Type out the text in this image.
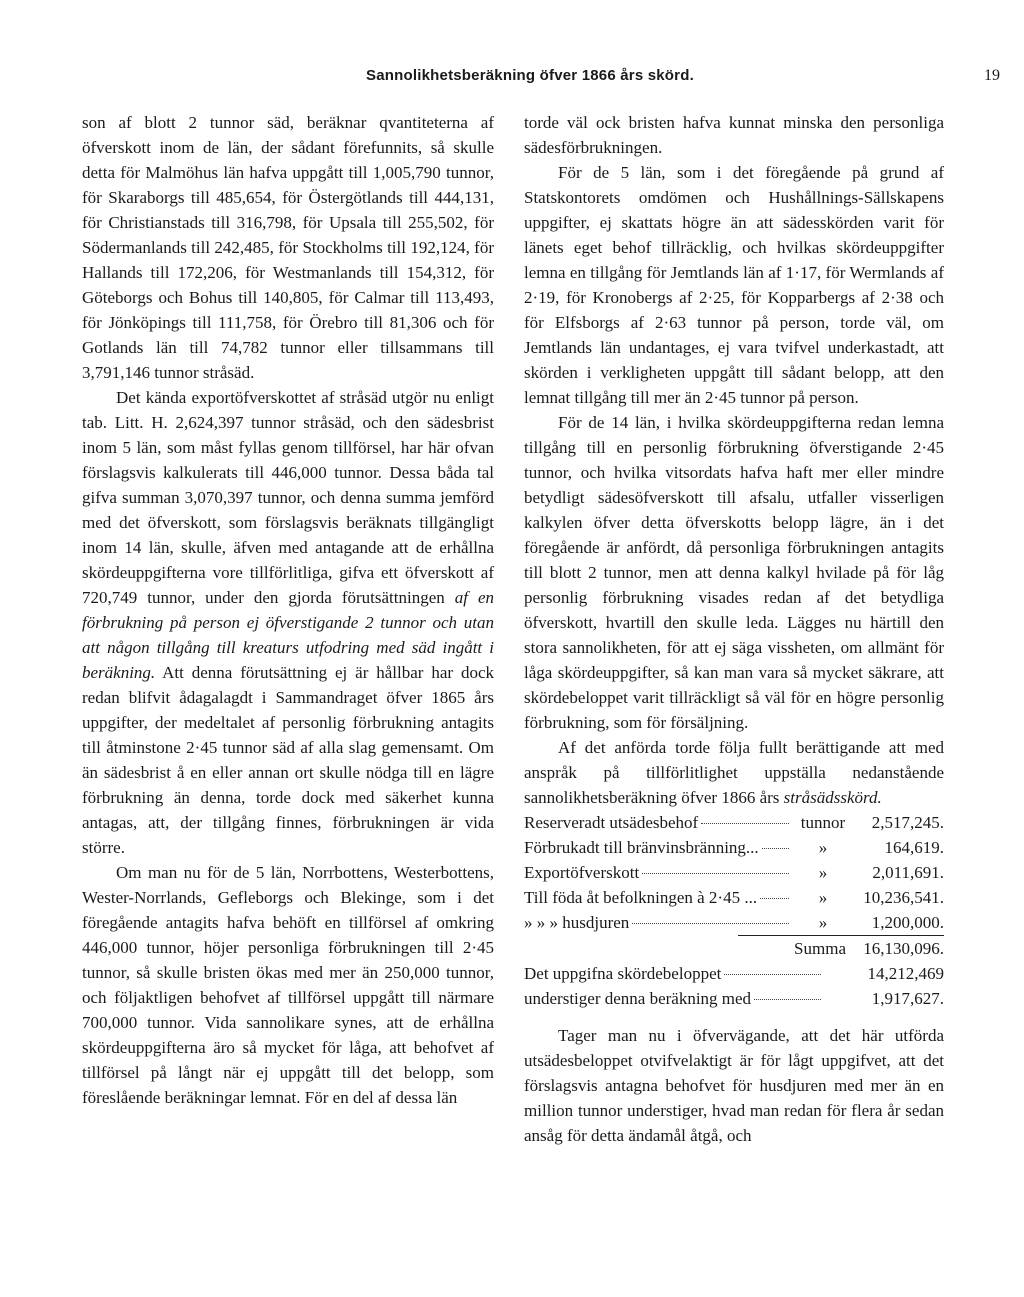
Sannolikhetsberäkning öfver 1866 års skörd.	19

son af blott 2 tunnor säd, beräknar qvantiteterna af öfverskott inom de län, der sådant förefunnits, så skulle detta för Malmöhus län hafva uppgått till 1,005,790 tunnor, för Skaraborgs till 485,654, för Östergötlands till 444,131, för Christianstads till 316,798, för Upsala till 255,502, för Södermanlands till 242,485, för Stockholms till 192,124, för Hallands till 172,206, för Westmanlands till 154,312, för Göteborgs och Bohus till 140,805, för Calmar till 113,493, för Jönköpings till 111,758, för Örebro till 81,306 och för Gotlands län till 74,782 tunnor eller tillsammans till 3,791,146 tunnor stråsäd.

Det kända exportöfverskottet af stråsäd utgör nu enligt tab. Litt. H. 2,624,397 tunnor stråsäd, och den sädesbrist inom 5 län, som måst fyllas genom tillförsel, har här ofvan förslagsvis kalkulerats till 446,000 tunnor. Dessa båda tal gifva summan 3,070,397 tunnor, och denna summa jemförd med det öfverskott, som förslagsvis beräknats tillgängligt inom 14 län, skulle, äfven med antagande att de erhållna skördeuppgifterna vore tillförlitliga, gifva ett öfverskott af 720,749 tunnor, under den gjorda förutsättningen af en förbrukning på person ej öfverstigande 2 tunnor och utan att någon tillgång till kreaturs utfodring med säd ingått i beräkning. Att denna förutsättning ej är hållbar har dock redan blifvit ådagalagdt i Sammandraget öfver 1865 års uppgifter, der medeltalet af personlig förbrukning antagits till åtminstone 2·45 tunnor säd af alla slag gemensamt. Om än sädesbrist å en eller annan ort skulle nödga till en lägre förbrukning än denna, torde dock med säkerhet kunna antagas, att, der tillgång finnes, förbrukningen är vida större.

Om man nu för de 5 län, Norrbottens, Westerbottens, Wester-Norrlands, Gefleborgs och Blekinge, som i det föregående antagits hafva behöft en tillförsel af omkring 446,000 tunnor, höjer personliga förbrukningen till 2·45 tunnor, så skulle bristen ökas med mer än 250,000 tunnor, och följaktligen behofvet af tillförsel uppgått till närmare 700,000 tunnor. Vida sannolikare synes, att de erhållna skördeuppgifterna äro så mycket för låga, att behofvet af tillförsel på långt när ej uppgått till det belopp, som föreslående beräkningar lemnat. För en del af dessa län

torde väl ock bristen hafva kunnat minska den personliga sädesförbrukningen.

För de 5 län, som i det föregående på grund af Statskontorets omdömen och Hushållnings-Sällskapens uppgifter, ej skattats högre än att sädesskörden varit för länets eget behof tillräcklig, och hvilkas skördeuppgifter lemna en tillgång för Jemtlands län af 1·17, för Wermlands af 2·19, för Kronobergs af 2·25, för Kopparbergs af 2·38 och för Elfsborgs af 2·63 tunnor på person, torde väl, om Jemtlands län undantages, ej vara tvifvel underkastadt, att skörden i verkligheten uppgått till sådant belopp, att den lemnat tillgång till mer än 2·45 tunnor på person.

För de 14 län, i hvilka skördeuppgifterna redan lemna tillgång till en personlig förbrukning öfverstigande 2·45 tunnor, och hvilka vitsordats hafva haft mer eller mindre betydligt sädesöfverskott till afsalu, utfaller visserligen kalkylen öfver detta öfverskotts belopp lägre, än i det föregående är anfördt, då personliga förbrukningen antagits till blott 2 tunnor, men att denna kalkyl hvilade på för låg personlig förbrukning visades redan af det betydliga öfverskott, hvartill den skulle leda. Lägges nu härtill den stora sannolikheten, för att ej säga vissheten, om allmänt för låga skördeuppgifter, så kan man vara så mycket säkrare, att skördebeloppet varit tillräckligt så väl för en högre personlig förbrukning, som för försäljning.

Af det anförda torde följa fullt berättigande att med anspråk på tillförlitlighet uppställa nedanstående sannolikhetsberäkning öfver 1866 års stråsädsskörd.

Reserveradt utsädesbehof	tunnor	2,517,245.
Förbrukadt till bränvinsbränning...	»	164,619.
Exportöfverskott	»	2,011,691.
Till föda åt befolkningen à 2·45 ...	»	10,236,541.
» » » husdjuren	»	1,200,000.
Summa	16,130,096.
Det uppgifna skördebeloppet	14,212,469
understiger denna beräkning med	1,917,627.

Tager man nu i öfvervägande, att det här utförda utsädesbeloppet otvifvelaktigt är för lågt uppgifvet, att det förslagsvis antagna behofvet för husdjuren med mer än en million tunnor understiger, hvad man redan för flera år sedan ansåg för detta ändamål åtgå, och
